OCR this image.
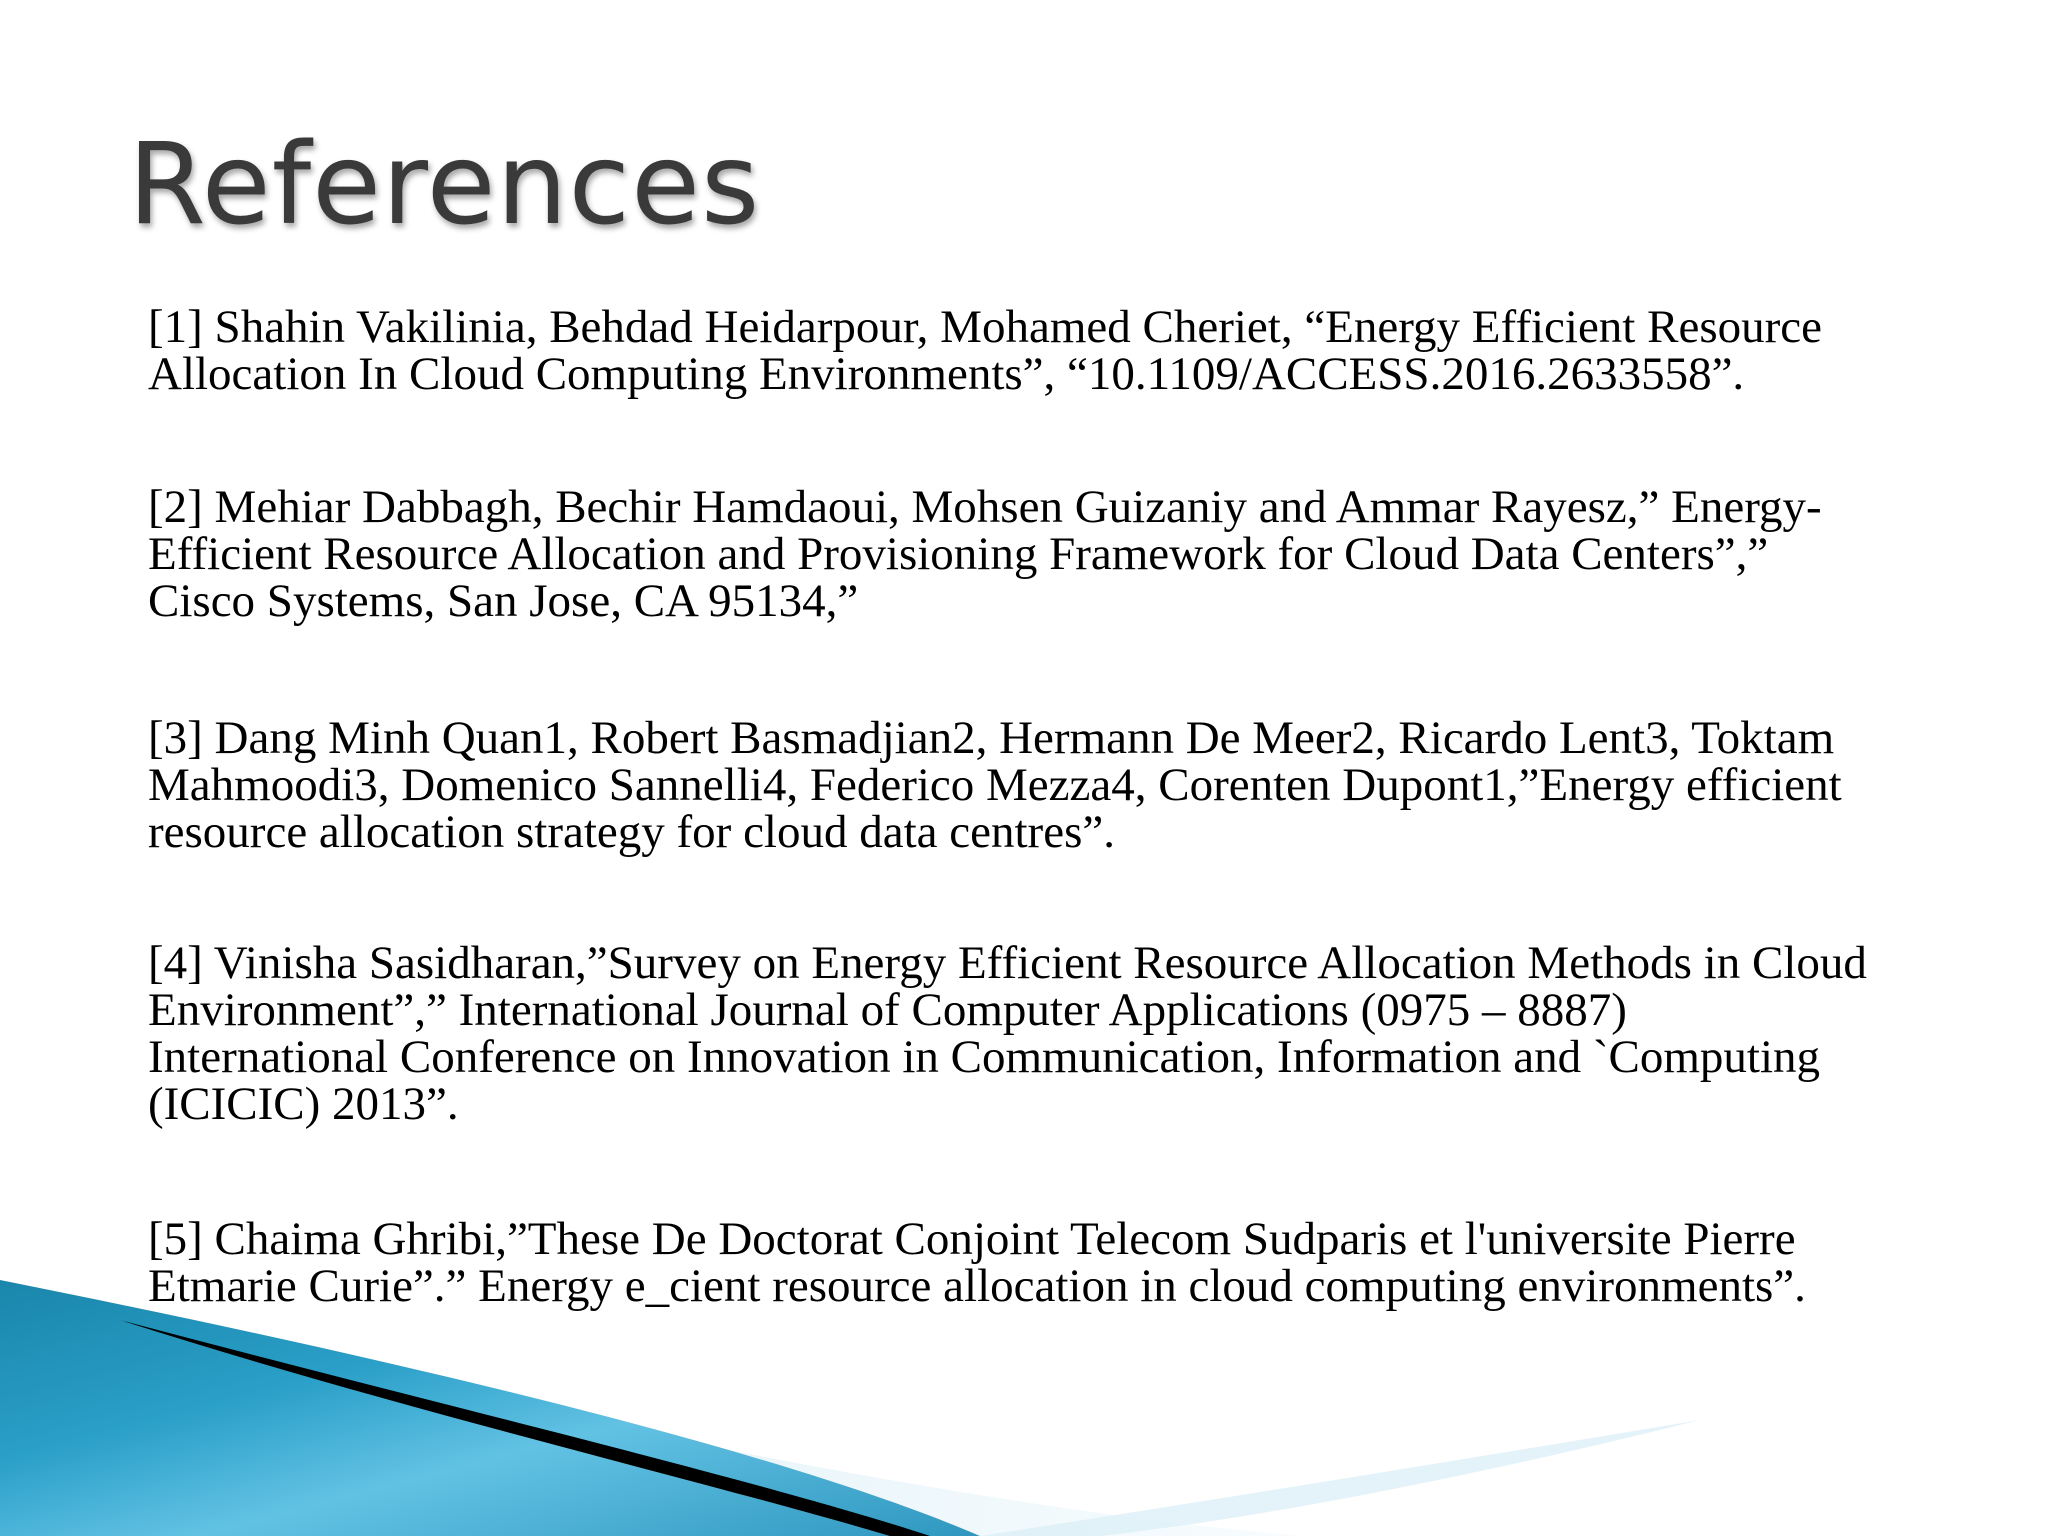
References
[1] Shahin Vakilinia, Behdad Heidarpour, Mohamed Cheriet, “Energy Efficient Resource
Allocation In Cloud Computing Environments”, “10.1109/ACCESS.2016.2633558”.
[2] Mehiar Dabbagh, Bechir Hamdaoui, Mohsen Guizaniy and Ammar Rayesz,” Energy-
Efficient Resource Allocation and Provisioning Framework for Cloud Data Centers”,”
Cisco Systems, San Jose, CA 95134,”
[3] Dang Minh Quan1, Robert Basmadjian2, Hermann De Meer2, Ricardo Lent3, Toktam
Mahmoodi3, Domenico Sannelli4, Federico Mezza4, Corenten Dupont1,”Energy efficient
resource allocation strategy for cloud data centres”.
[4] Vinisha Sasidharan,”Survey on Energy Efficient Resource Allocation Methods in Cloud
Environment”,” International Journal of Computer Applications (0975 – 8887)
International Conference on Innovation in Communication, Information and `Computing
(ICICIC) 2013”.
[5] Chaima Ghribi,”These De Doctorat Conjoint Telecom Sudparis et l'universite Pierre
Etmarie Curie”.” Energy e_cient resource allocation in cloud computing environments”.
